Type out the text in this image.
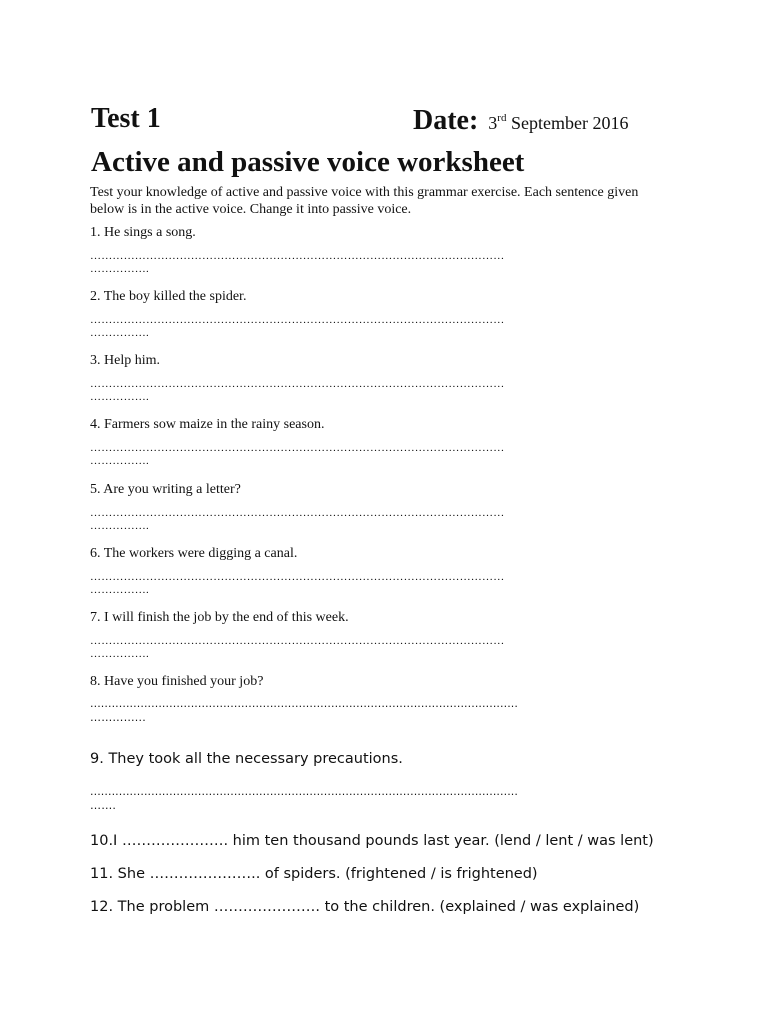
Test 1	Date: 3rd September 2016
Active and passive voice worksheet

Test your knowledge of active and passive voice with this grammar exercise. Each sentence given below is in the active voice. Change it into passive voice.

1. He sings a song.
…………………………………………………………………………………………………
…………….
2. The boy killed the spider.
…………………………………………………………………………………………………
…………….
3. Help him.
…………………………………………………………………………………………………
…………….
4. Farmers sow maize in the rainy season.
…………………………………………………………………………………………………
…………….
5. Are you writing a letter?
…………………………………………………………………………………………………
…………….
6. The workers were digging a canal.
…………………………………………………………………………………………………
…………….
7. I will finish the job by the end of this week.
…………………………………………………………………………………………………
…………….
8. Have you finished your job?
.......................................................................................................................
…………...
9. They took all the necessary precautions.
.......................................................................................................................
…….
10.I …………………. him ten thousand pounds last year. (lend / lent / was lent)
11. She ………………….. of spiders. (frightened / is frightened)
12. The problem …………………. to the children. (explained / was explained)
